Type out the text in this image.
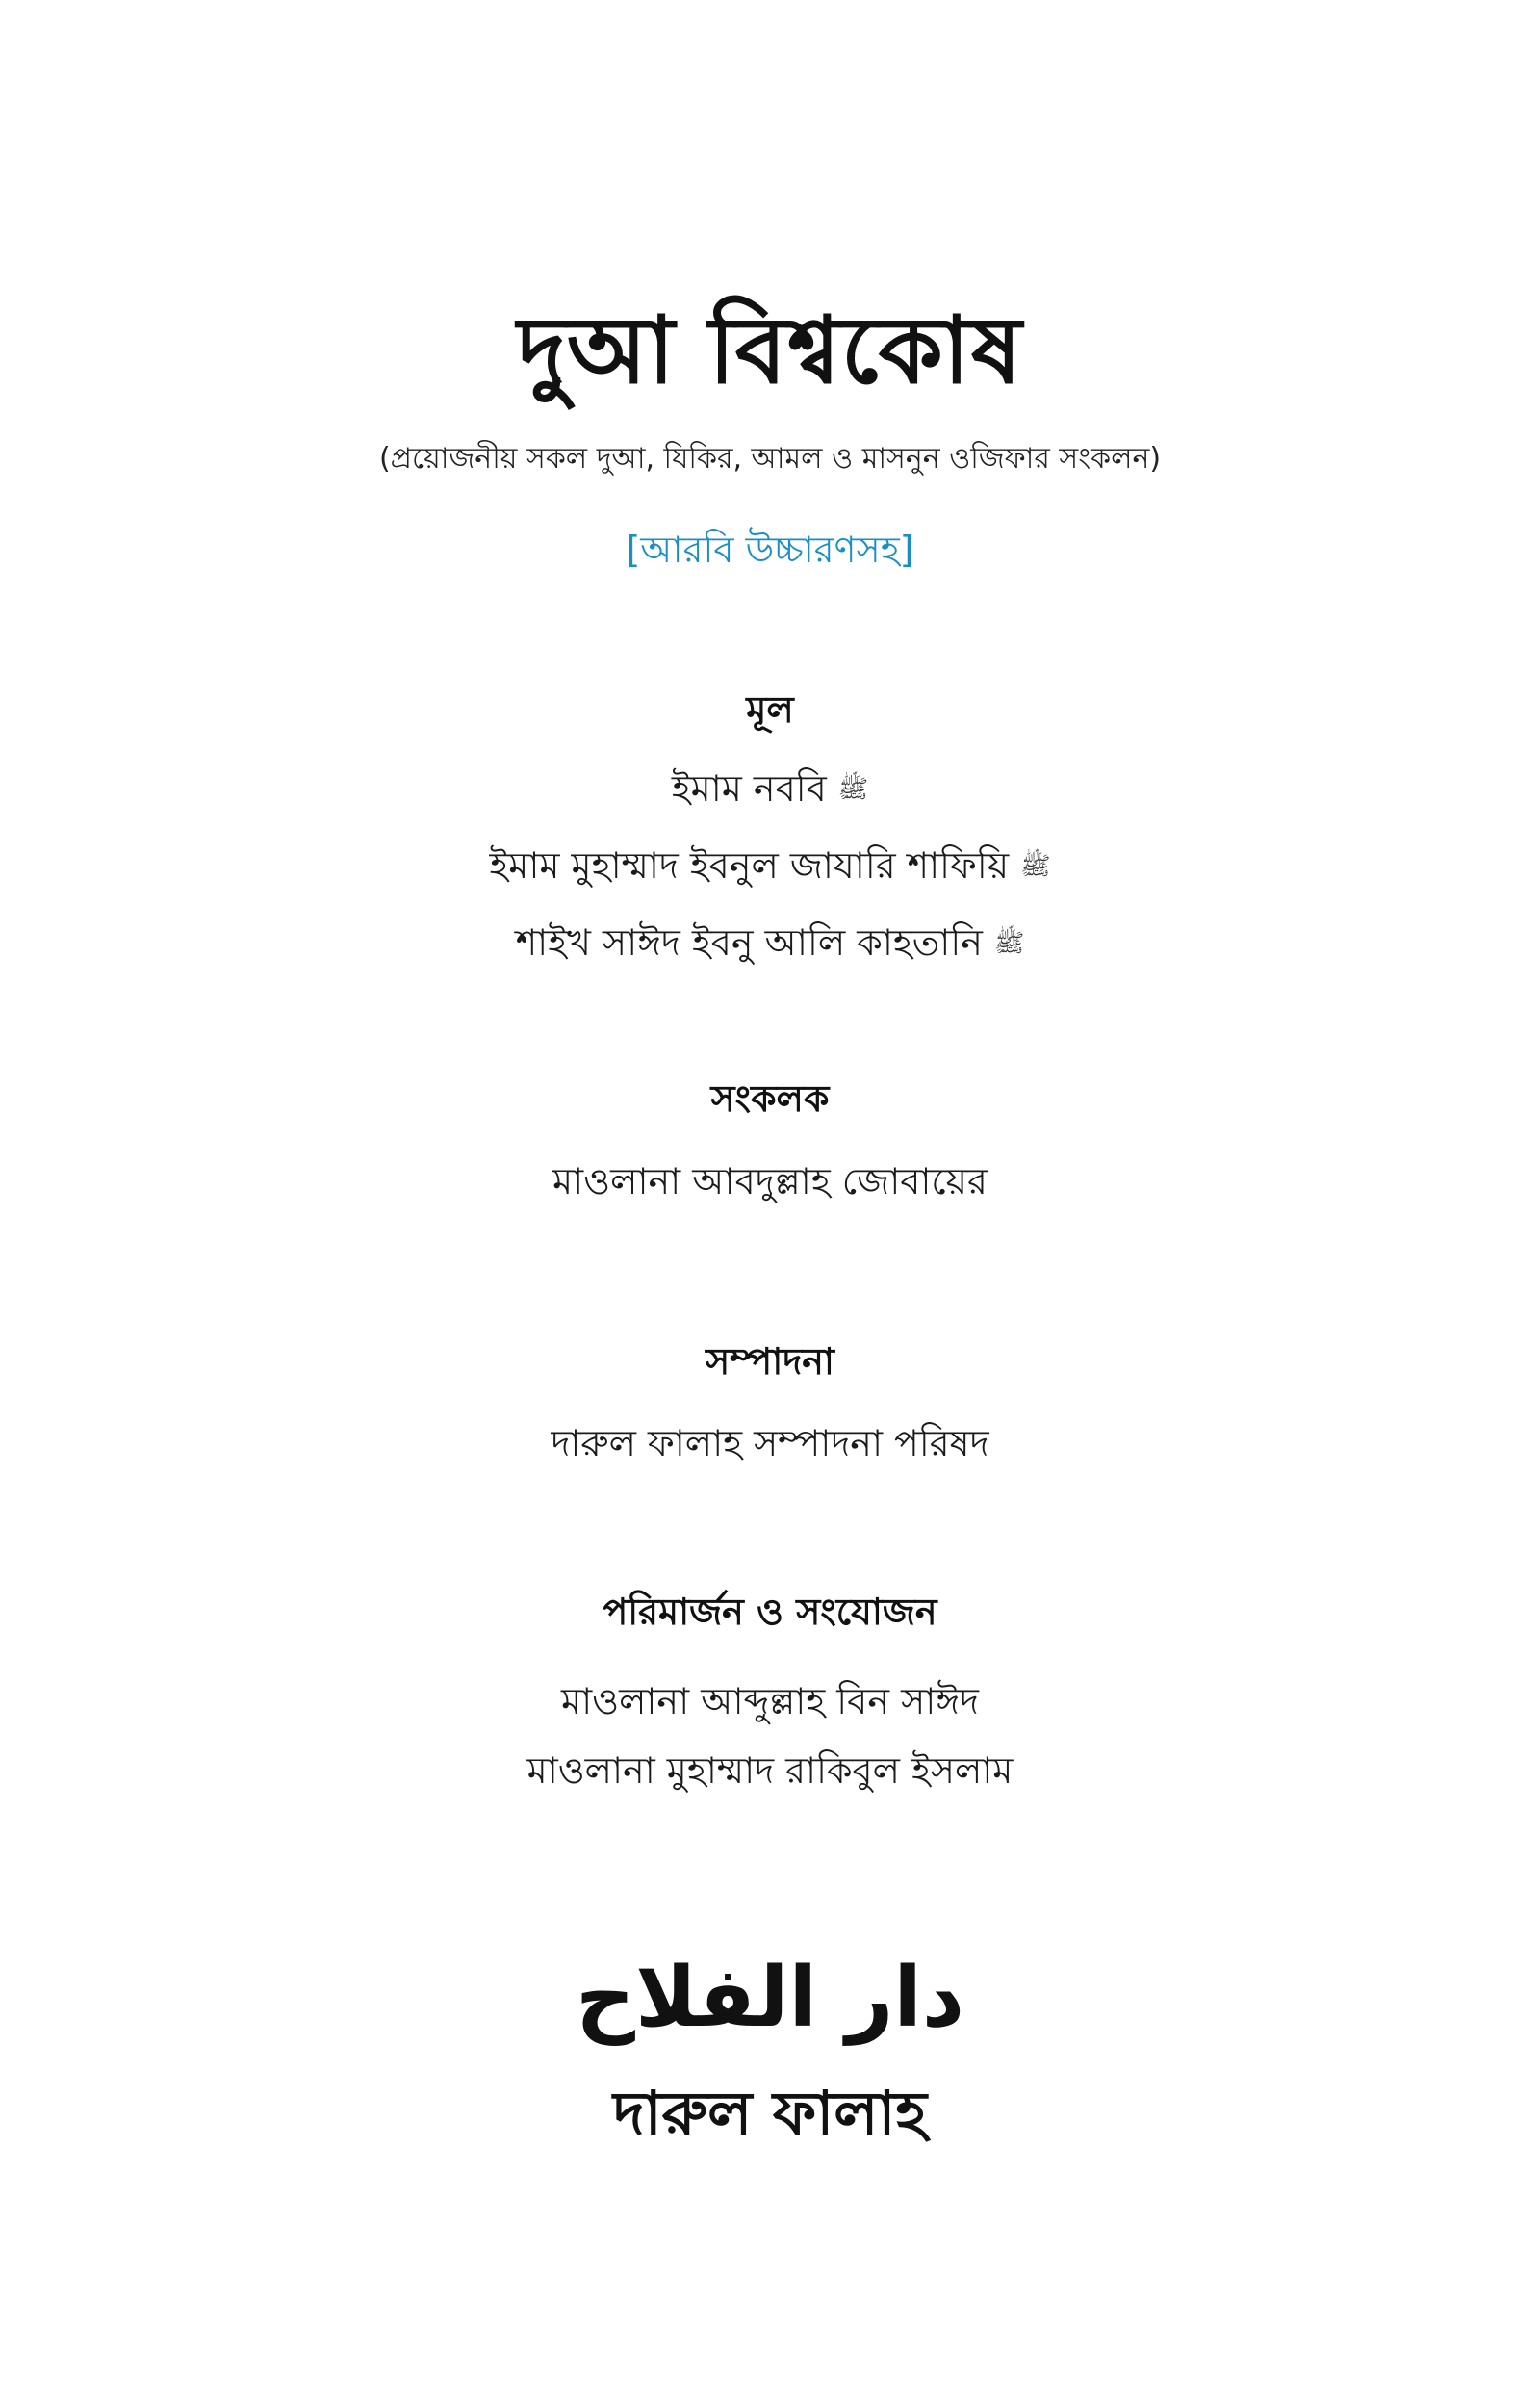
দুআ বিশ্বকোষ
(প্রয়োজনীয় সকল দুআ, যিকির, আমল ও মাসনুন ওজিফার সংকলন)
[আরবি উচ্চারণসহ]
মূল
ইমাম নববি ﷺ
ইমাম মুহাম্মাদ ইবনুল জাযারি শাফিয়ি ﷺ
শাইখ সাঈদ ইবনু আলি কাহতানি ﷺ
সংকলক
মাওলানা আবদুল্লাহ জোবায়ের
সম্পাদনা
দারুল ফালাহ সম্পাদনা পরিষদ
পরিমার্জন ও সংযোজন
মাওলানা আব্দুল্লাহ বিন সাঈদ
মাওলানা মুহাম্মাদ রাকিবুল ইসলাম
دار الفلاح
দারুল ফালাহ
